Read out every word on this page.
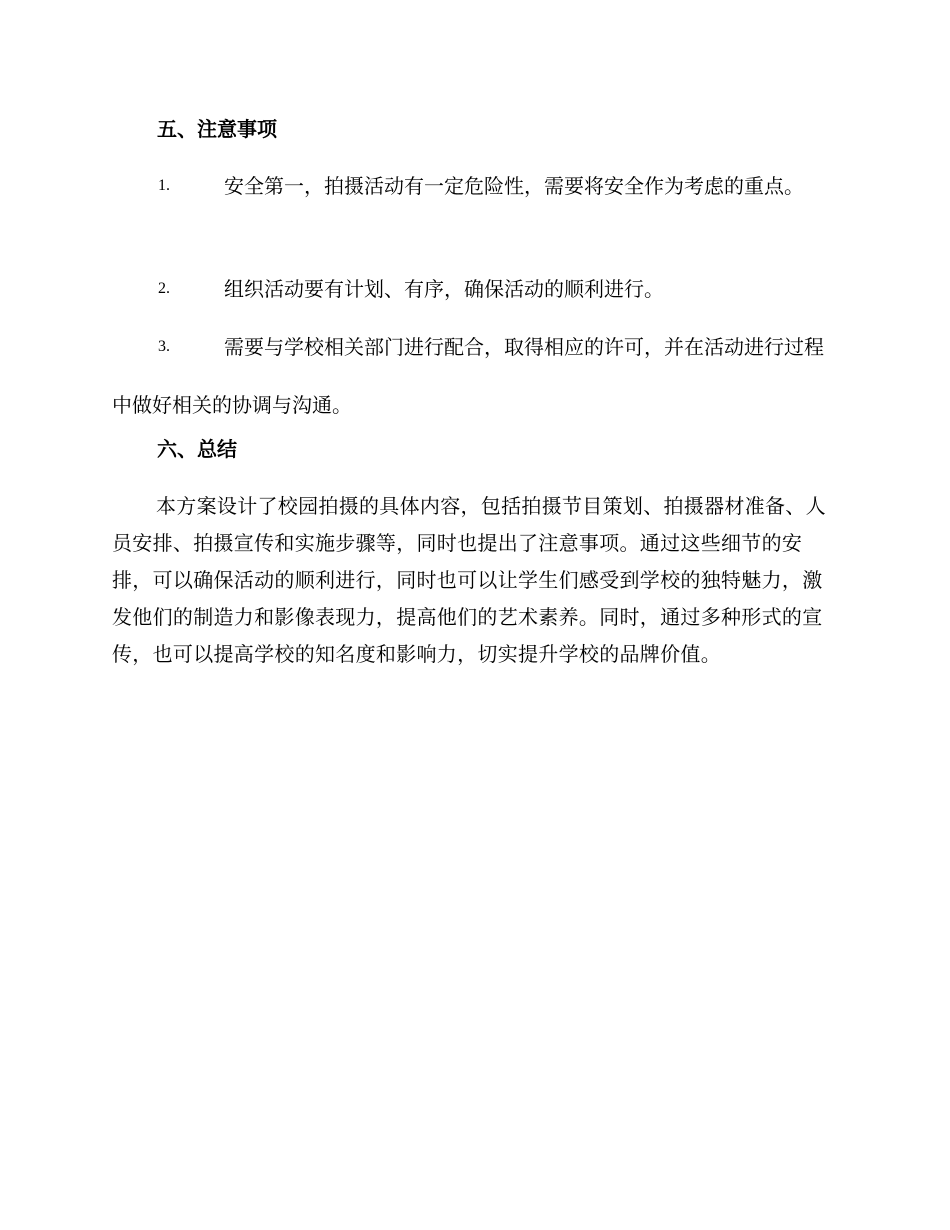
五、注意事项
1.	安全第一，拍摄活动有一定危险性，需要将安全作为考虑的重点。

2.	组织活动要有计划、有序，确保活动的顺利进行。

3.	需要与学校相关部门进行配合，取得相应的许可，并在活动进行过程中做好相关的协调与沟通。

六、总结

本方案设计了校园拍摄的具体内容，包括拍摄节目策划、拍摄器材准备、人员安排、拍摄宣传和实施步骤等，同时也提出了注意事项。通过这些细节的安排，可以确保活动的顺利进行，同时也可以让学生们感受到学校的独特魅力，激发他们的制造力和影像表现力，提高他们的艺术素养。同时，通过多种形式的宣传，也可以提高学校的知名度和影响力，切实提升学校的品牌价值。
